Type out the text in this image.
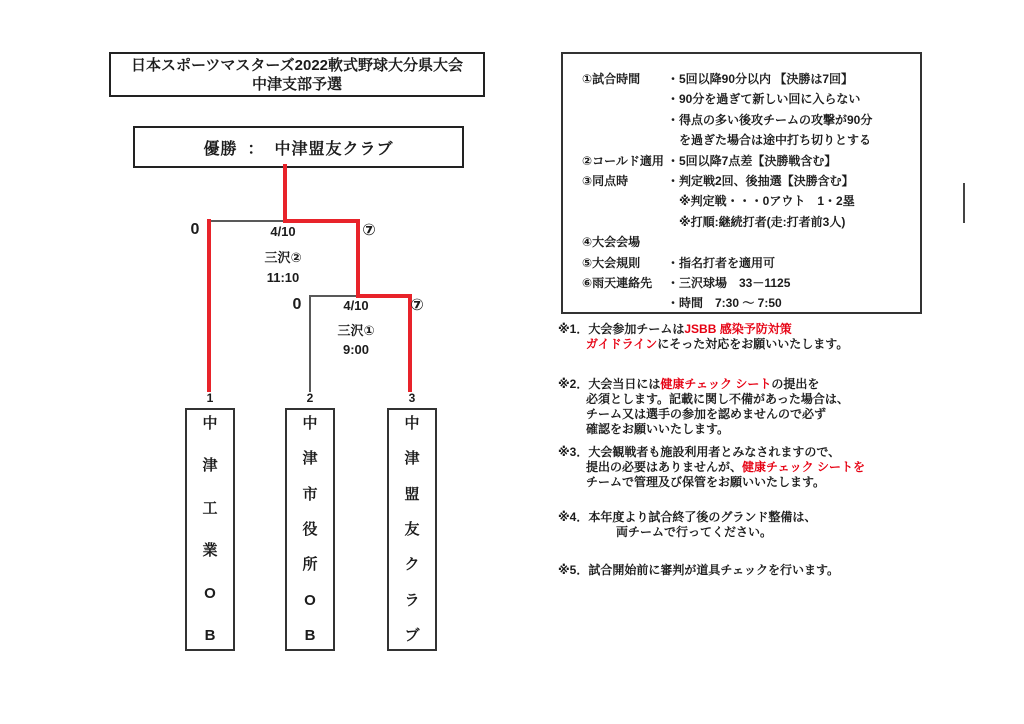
日本スポーツマスターズ2022軟式野球大分県大会
中津支部予選
優勝 ： 中津盟友クラブ
0	⑦
0	⑦
4/10
三沢②
11:10
4/10
三沢①
9:00
1
中
津
工
業
O
B
2
中
津
市
役
所
O
B
3
中
津
盟
友
ク
ラ
ブ
①試合時間	・5回以降90分以内 【決勝は7回】
・90分を過ぎて新しい回に入らない
・得点の多い後攻チームの攻撃が90分
　を過ぎた場合は途中打ち切りとする
②コールド適用 ・5回以降7点差【決勝戦含む】
③同点時	・判定戦2回、後抽選【決勝含む】
　※判定戦・・・0アウト　1・2塁
　※打順:継続打者(走:打者前3人)
④大会会場
⑤大会規則	・指名打者を適用可
⑥雨天連絡先	・三沢球場　33－1125
・時間　7:30 ～ 7:50
※1．大会参加チームはJSBB 感染予防対策
ガイドラインにそった対応をお願いいたします。
※2．大会当日には健康チェック シートの提出を
必須とします。記載に関し不備があった場合は、
チーム又は選手の参加を認めませんので必ず
確認をお願いいたします。
※3．大会観戦者も施設利用者とみなされますので、
提出の必要はありませんが、健康チェック シートを
チームで管理及び保管をお願いいたします。
※4．本年度より試合終了後のグランド整備は、
両チームで行ってください。
※5．試合開始前に審判が道具チェックを行います。
